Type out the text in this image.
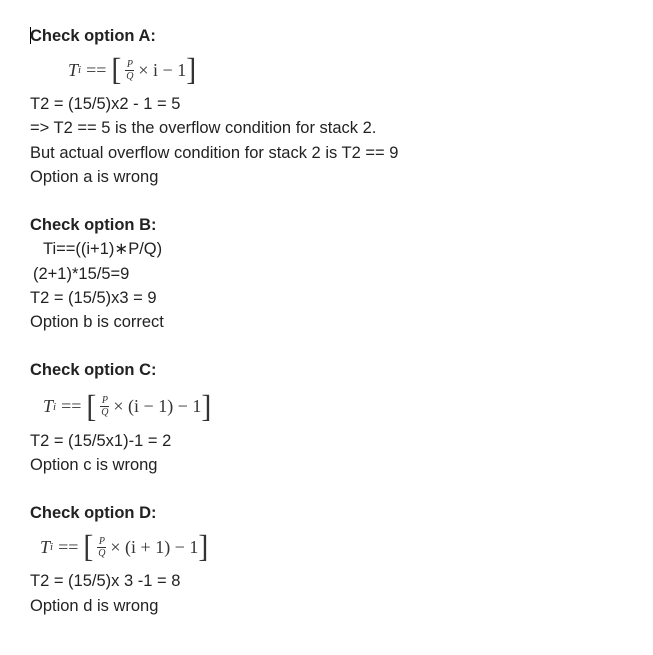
Check option A:
T i == [ $\frac{P}{Q} \times i - 1$ ]
T2 = (15/5)x2 - 1 = 5
=> T2 == 5 is the overflow condition for stack 2.
But actual overflow condition for stack 2 is T2 == 9
Option a is wrong
Check option B:
Ti==((i+1)∗P/Q)
(2+1)*15/5=9
T2 = (15/5)x3 = 9
Option b is correct
Check option C:
T i == [ $\frac{P}{Q} \times (i - 1) - 1$ ]
T2 = (15/5x1)-1 = 2
Option c is wrong
Check option D:
T i == [ $\frac{P}{Q} \times (i + 1) - 1$ ]
T2 = (15/5)x 3 -1 = 8
Option d is wrong
